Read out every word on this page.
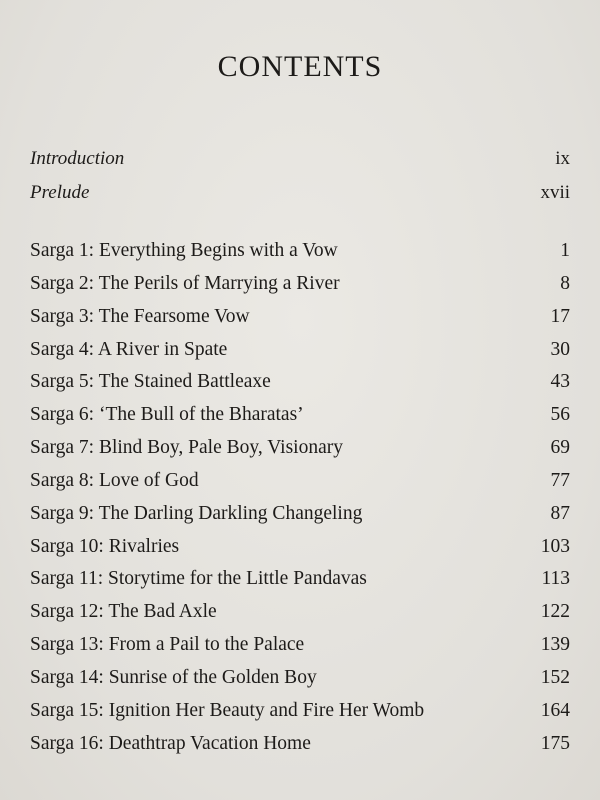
CONTENTS
Introduction	ix
Prelude	xvii
Sarga 1: Everything Begins with a Vow	1
Sarga 2: The Perils of Marrying a River	8
Sarga 3: The Fearsome Vow	17
Sarga 4: A River in Spate	30
Sarga 5: The Stained Battleaxe	43
Sarga 6: ‘The Bull of the Bharatas’	56
Sarga 7: Blind Boy, Pale Boy, Visionary	69
Sarga 8: Love of God	77
Sarga 9: The Darling Darkling Changeling	87
Sarga 10: Rivalries	103
Sarga 11: Storytime for the Little Pandavas	113
Sarga 12: The Bad Axle	122
Sarga 13: From a Pail to the Palace	139
Sarga 14: Sunrise of the Golden Boy	152
Sarga 15: Ignition Her Beauty and Fire Her Womb	164
Sarga 16: Deathtrap Vacation Home	175
